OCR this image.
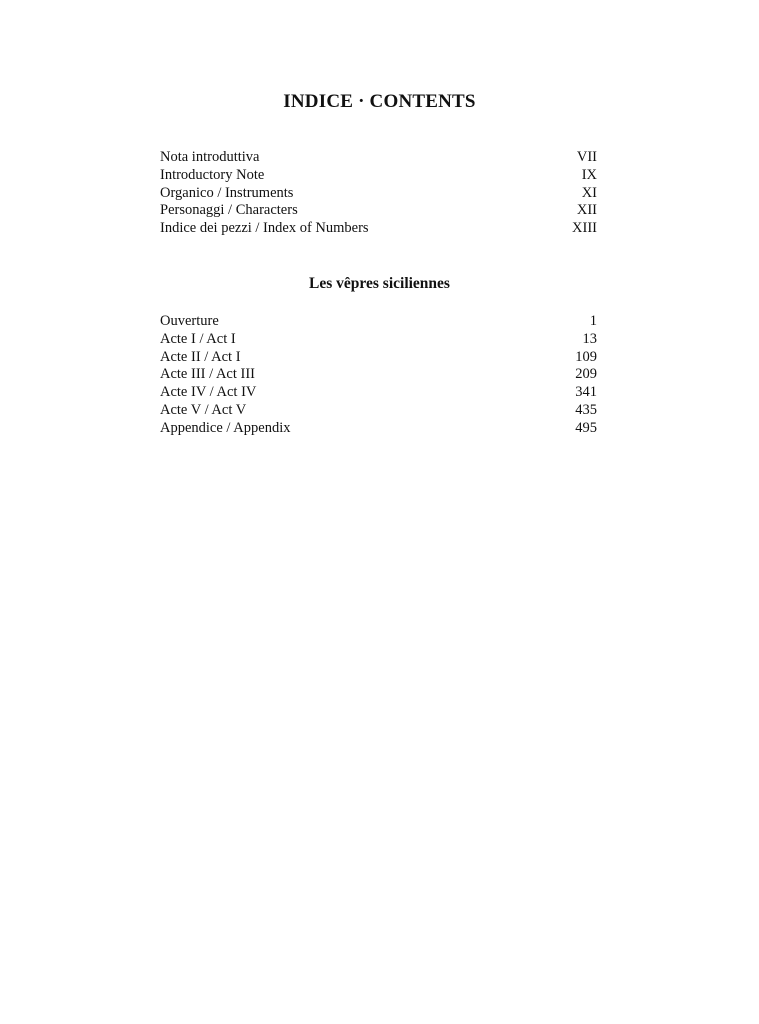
INDICE · CONTENTS
Nota introduttiva	VII
Introductory Note	IX
Organico / Instruments	XI
Personaggi / Characters	XII
Indice dei pezzi / Index of Numbers	XIII
Les vêpres siciliennes
Ouverture	1
Acte I / Act I	13
Acte II / Act I	109
Acte III / Act III	209
Acte IV / Act IV	341
Acte V / Act V	435
Appendice / Appendix	495
